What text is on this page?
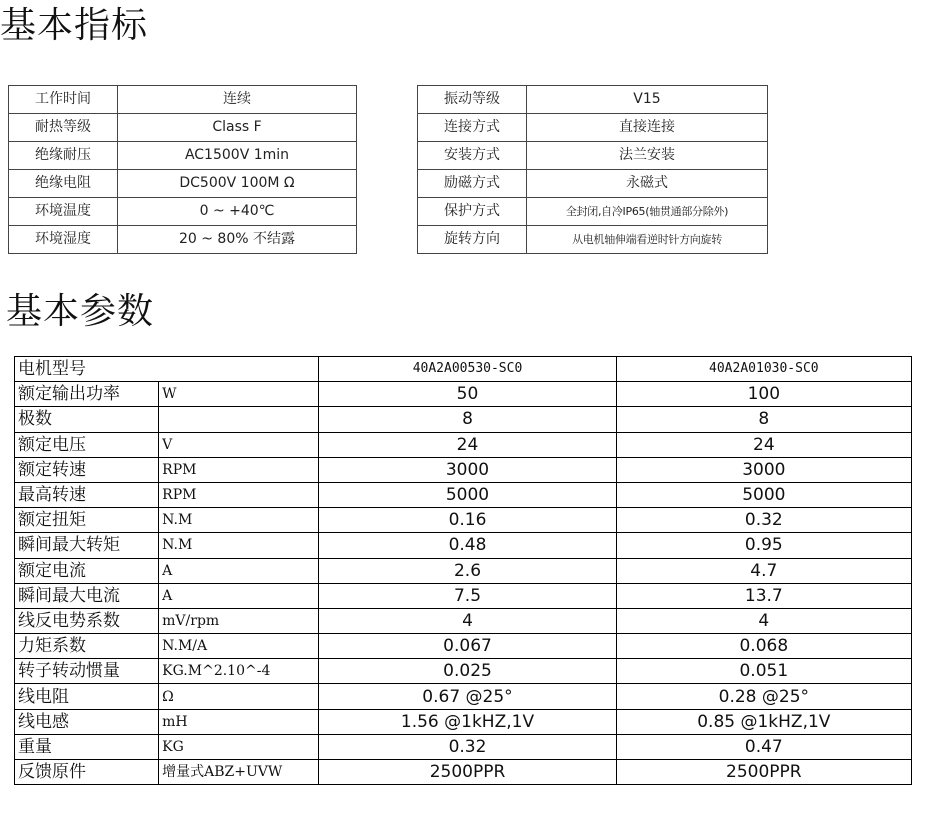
基本指标
工作时间	连续
耐热等级	Class F
绝缘耐压	AC1500V 1min
绝缘电阻	DC500V 100M Ω
环境温度	0 ~ +40℃
环境湿度	20 ~ 80% 不结露
振动等级	V15
连接方式	直接连接
安装方式	法兰安装
励磁方式	永磁式
保护方式	全封闭,自冷IP65(轴贯通部分除外)
旋转方向	从电机轴伸端看逆时针方向旋转
基本参数
电机型号		40A2A00530-SC0	40A2A01030-SC0
额定输出功率	W	50	100
极数		8	8
额定电压	V	24	24
额定转速	RPM	3000	3000
最高转速	RPM	5000	5000
额定扭矩	N.M	0.16	0.32
瞬间最大转矩	N.M	0.48	0.95
额定电流	A	2.6	4.7
瞬间最大电流	A	7.5	13.7
线反电势系数	mV/rpm	4	4
力矩系数	N.M/A	0.067	0.068
转子转动惯量	KG.M^2.10^-4	0.025	0.051
线电阻	Ω	0.67 @25°	0.28 @25°
线电感	mH	1.56 @1kHZ,1V	0.85 @1kHZ,1V
重量	KG	0.32	0.47
反馈原件	增量式ABZ+UVW	2500PPR	2500PPR
